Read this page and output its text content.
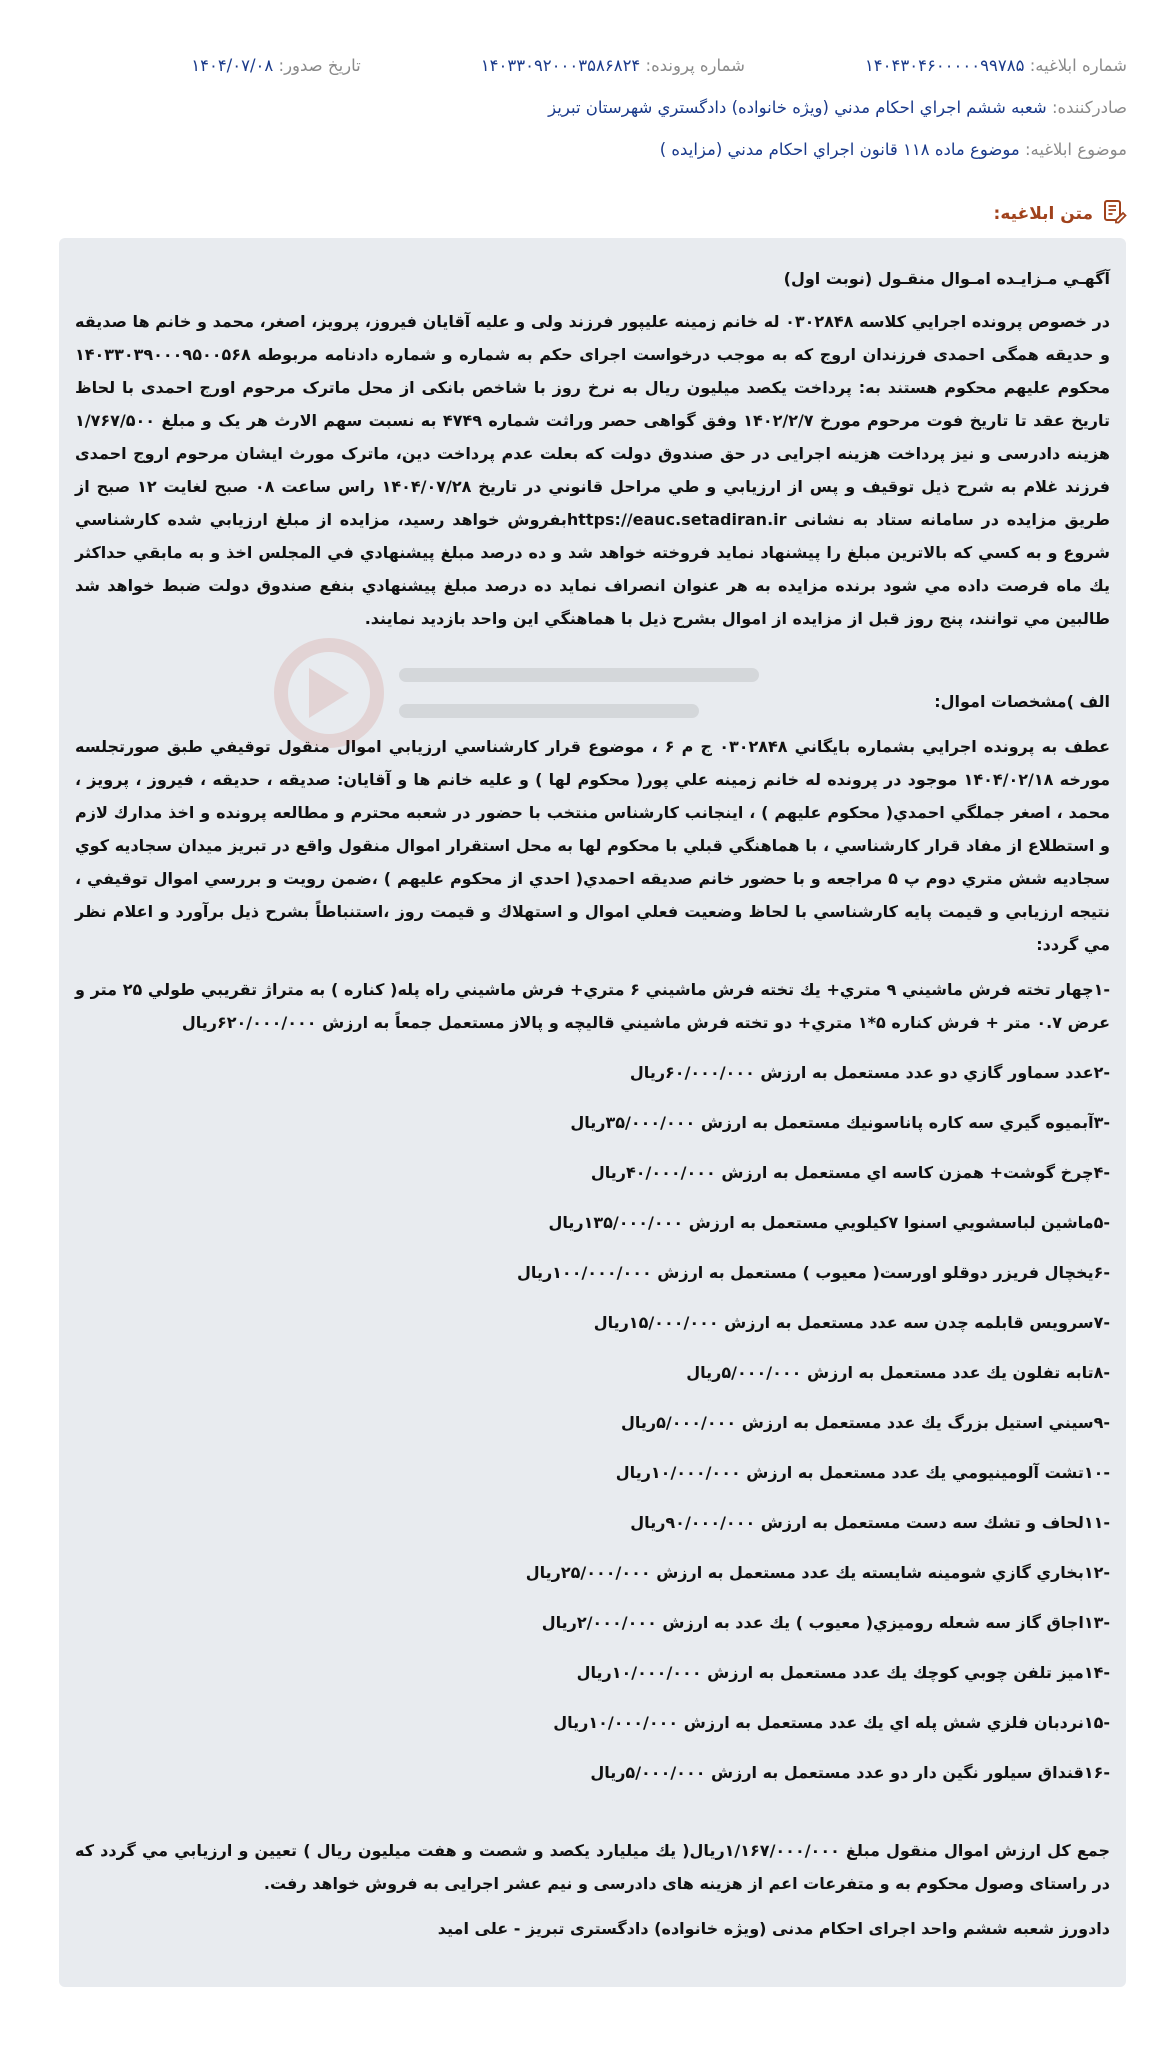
شماره ابلاغیه:

۱۴۰۴۳۰۴۶۰۰۰۰۰۹۹۷۸۵
شماره پرونده:

۱۴۰۳۳۰۹۲۰۰۰۳۵۸۶۸۲۴
تاریخ صدور:

۱۴۰۴/۰۷/۰۸
صادرکننده:

شعبه ششم اجراي احكام مدني (ويژه خانواده) دادگستري شهرستان تبريز
موضوع ابلاغیه:

موضوع ماده ۱۱۸ قانون اجراي احكام مدني (مزايده )
متن ابلاغیه:

آگهـي مـزايـده امـوال منقـول (نوبت اول)

در خصوص پرونده اجرايي كلاسه ۰۳۰۲۸۴۸ له خانم زمينه عليپور فرزند ولی و علیه آقایان فیروز، پرویز، اصغر، محمد و خانم ها صدیقه و حدیقه همگی احمدی فرزندان اروج كه به موجب درخواست اجرای حکم به شماره و شماره دادنامه مربوطه ۱۴۰۳۳۰۳۹۰۰۰۹۵۰۰۵۶۸ محكوم علیهم محکوم هستند به: پرداخت یکصد میلیون ریال به نرخ روز با شاخص بانکی از محل ماترک مرحوم اورج احمدی با لحاظ تاریخ عقد تا تاریخ فوت مرحوم مورخ ۱۴۰۲/۲/۷ وفق گواهی حصر وراثت شماره ۴۷۴۹ به نسبت سهم الارث هر یک و مبلغ ۱/۷۶۷/۵۰۰ هزینه دادرسی و نیز پرداخت هزینه اجرایی در حق صندوق دولت كه بعلت عدم پرداخت دين، ماترک مورث ایشان مرحوم اروج احمدی فرزند غلام به شرح ذيل توقيف و پس از ارزيابي و طي مراحل قانوني در تاريخ ۱۴۰۴/۰۷/۲۸ راس ساعت ۰۸ صبح لغايت ۱۲ صبح از طريق مزايده در سامانه ستاد به نشانی https://eauc.setadiran.irبفروش خواهد رسيد، مزايده از مبلغ ارزيابي شده كارشناسي شروع و به كسي كه بالاترين مبلغ را پيشنهاد نمايد فروخته خواهد شد و ده درصد مبلغ پيشنهادي في المجلس اخذ و به مابقي حداكثر يك ماه فرصت داده مي شود برنده مزايده به هر عنوان انصراف نمايد ده درصد مبلغ پيشنهادي بنفع صندوق دولت ضبط خواهد شد طالبين مي توانند، پنج روز قبل از مزايده از اموال بشرح ذيل با هماهنگي اين واحد بازديد نمايند.

الف )مشخصات اموال:

عطف به پرونده اجرايي بشماره بايگاني ۰۳۰۲۸۴۸ ج م ۶ ، موضوع قرار كارشناسي ارزيابي اموال منقول توقيفي طبق صورتجلسه مورخه ۱۴۰۴/۰۲/۱۸ موجود در پرونده له خانم زمينه علي پور( محكوم لها ) و علیه خانم ها و آقایان: صدیقه ، حدیقه ، فیروز ، پرویز ، محمد ، اصغر جملگي احمدي( محكوم عليهم ) ، اينجانب كارشناس منتخب با حضور در شعبه محترم و مطالعه پرونده و اخذ مدارك لازم و استطلاع از مفاد قرار كارشناسي ، با هماهنگي قبلي با محكوم لها به محل استقرار اموال منقول واقع در تبريز ميدان سجاديه كوي سجاديه شش متري دوم پ ۵ مراجعه و با حضور خانم صديقه احمدي( احدي از محكوم عليهم ) ،ضمن رويت و بررسي اموال توقيفي ، نتيجه ارزيابي و قيمت پايه كارشناسي با لحاظ وضعيت فعلي اموال و استهلاك و قيمت روز ،استنباطاً بشرح ذيل برآورد و اعلام نظر مي گردد:

-۱چهار تخته فرش ماشيني ۹ متري+ يك تخته فرش ماشيني ۶ متري+ فرش ماشيني راه پله( كناره ) به متراژ تقريبي طولي ۲۵ متر و عرض ۰.۷ متر + فرش كناره ۵*۱ متري+ دو تخته فرش ماشيني قاليچه و پالاز مستعمل جمعاً به ارزش ۶۲۰/۰۰۰/۰۰۰ريال

-۲عدد سماور گازي دو عدد مستعمل به ارزش ۶۰/۰۰۰/۰۰۰ريال

-۳آبميوه گيري سه كاره پاناسونيك مستعمل به ارزش ۳۵/۰۰۰/۰۰۰ريال

-۴چرخ گوشت+ همزن كاسه اي مستعمل به ارزش ۴۰/۰۰۰/۰۰۰ريال

-۵ماشين لباسشويي اسنوا ۷كيلويي مستعمل به ارزش ۱۳۵/۰۰۰/۰۰۰ريال

-۶يخچال فريزر دوقلو اورست( معيوب ) مستعمل به ارزش ۱۰۰/۰۰۰/۰۰۰ريال

-۷سرويس قابلمه چدن سه عدد مستعمل به ارزش ۱۵/۰۰۰/۰۰۰ريال

-۸تابه تفلون يك عدد مستعمل به ارزش ۵/۰۰۰/۰۰۰ريال

-۹سيني استيل بزرگ يك عدد مستعمل به ارزش ۵/۰۰۰/۰۰۰ريال

-۱۰تشت آلومينيومي يك عدد مستعمل به ارزش ۱۰/۰۰۰/۰۰۰ريال

-۱۱لحاف و تشك سه دست مستعمل به ارزش ۹۰/۰۰۰/۰۰۰ريال

-۱۲بخاري گازي شومينه شايسته يك عدد مستعمل به ارزش ۲۵/۰۰۰/۰۰۰ريال

-۱۳اجاق گاز سه شعله روميزي( معيوب ) يك عدد به ارزش ۲/۰۰۰/۰۰۰ريال

-۱۴ميز تلفن چوبي كوچك يك عدد مستعمل به ارزش ۱۰/۰۰۰/۰۰۰ريال

-۱۵نردبان فلزي شش پله اي يك عدد مستعمل به ارزش ۱۰/۰۰۰/۰۰۰ريال

-۱۶قنداق سيلور نگين دار دو عدد مستعمل به ارزش ۵/۰۰۰/۰۰۰ريال

جمع كل ارزش اموال منقول مبلغ ۱/۱۶۷/۰۰۰/۰۰۰ريال( يك ميليارد يكصد و شصت و هفت ميليون ريال ) تعيين و ارزيابي مي گردد كه در راستای وصول محکوم به و متفرعات اعم از هزینه های دادرسی و نیم عشر اجرایی به فروش خواهد رفت.

دادورز شعبه ششم واحد اجرای احکام مدنی (ویژه خانواده) دادگستری تبریز - علی امید
